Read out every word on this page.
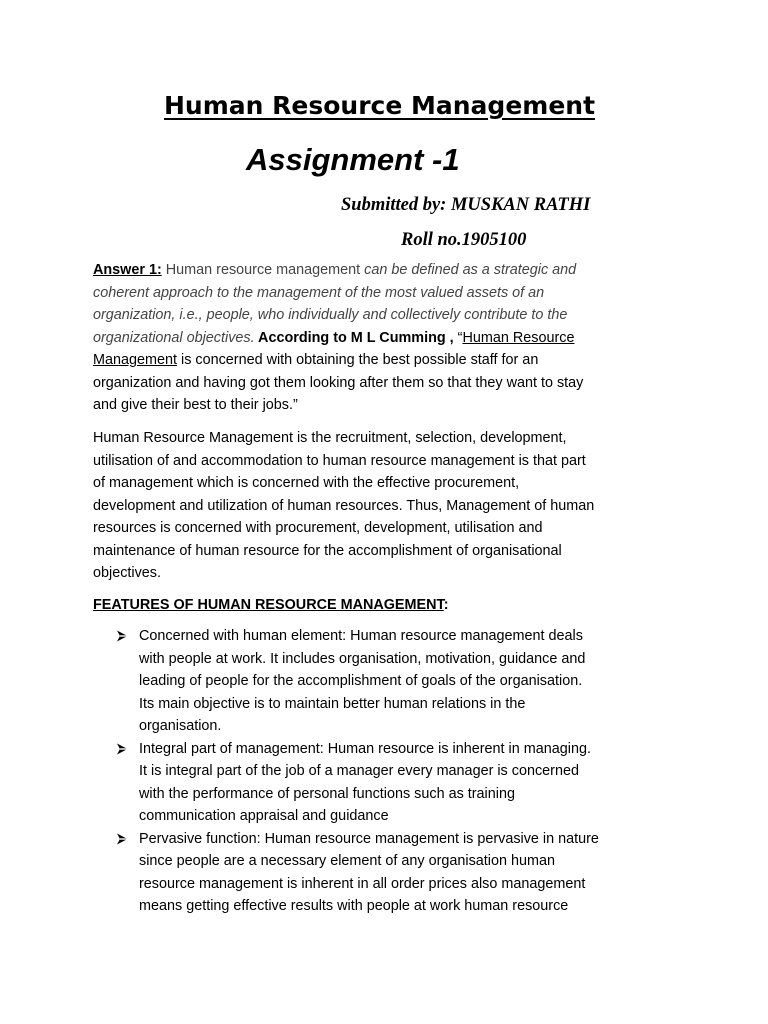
Human Resource Management
Assignment -1
Submitted by: MUSKAN RATHI
Roll no.1905100
Answer 1: Human resource management can be defined as a strategic and
coherent approach to the management of the most valued assets of an
organization, i.e., people, who individually and collectively contribute to the
organizational objectives. According to M L Cumming , “Human Resource
Management is concerned with obtaining the best possible staff for an
organization and having got them looking after them so that they want to stay
and give their best to their jobs.”
Human Resource Management is the recruitment, selection, development,
utilisation of and accommodation to human resource management is that part
of management which is concerned with the effective procurement,
development and utilization of human resources. Thus, Management of human
resources is concerned with procurement, development, utilisation and
maintenance of human resource for the accomplishment of organisational
objectives.
FEATURES OF HUMAN RESOURCE MANAGEMENT:
Concerned with human element: Human resource management deals
with people at work. It includes organisation, motivation, guidance and
leading of people for the accomplishment of goals of the organisation.
Its main objective is to maintain better human relations in the
organisation.
Integral part of management: Human resource is inherent in managing.
It is integral part of the job of a manager every manager is concerned
with the performance of personal functions such as training
communication appraisal and guidance
Pervasive function: Human resource management is pervasive in nature
since people are a necessary element of any organisation human
resource management is inherent in all order prices also management
means getting effective results with people at work human resource
